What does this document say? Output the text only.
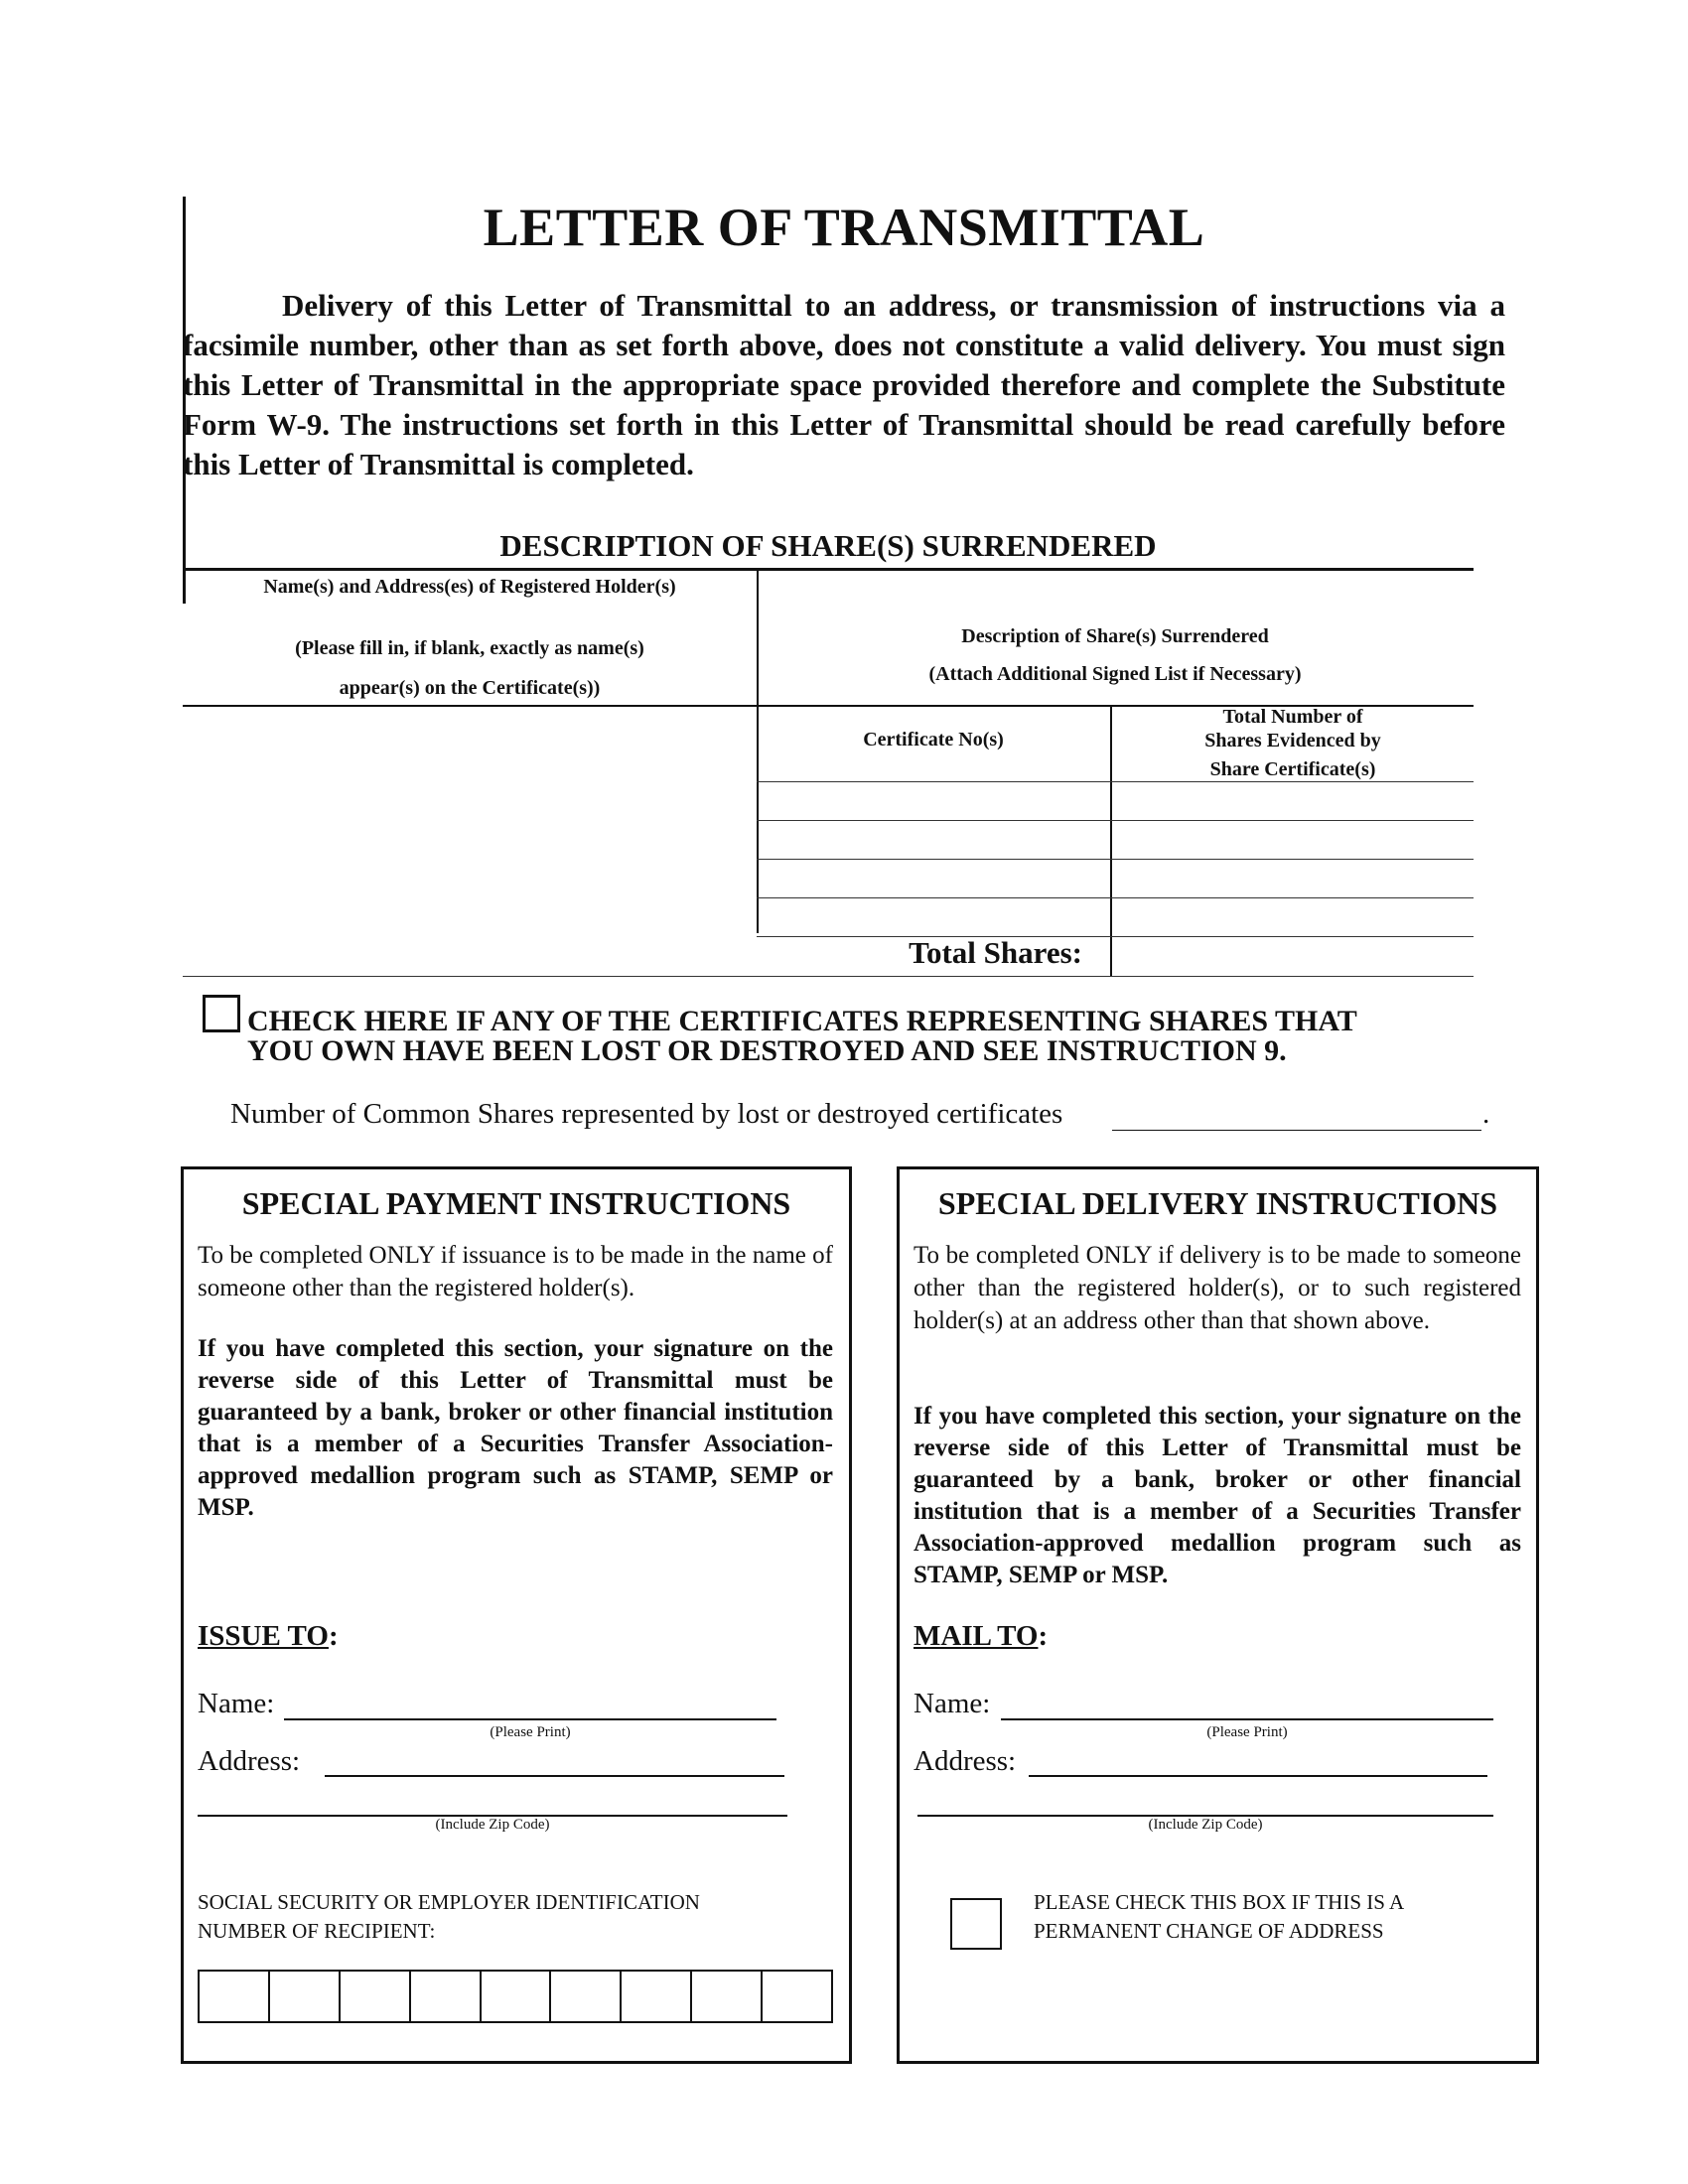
LETTER OF TRANSMITTAL
Delivery of this Letter of Transmittal to an address, or transmission of instructions via a facsimile number, other than as set forth above, does not constitute a valid delivery. You must sign this Letter of Transmittal in the appropriate space provided therefore and complete the Substitute Form W-9. The instructions set forth in this Letter of Transmittal should be read carefully before this Letter of Transmittal is completed.
DESCRIPTION OF SHARE(S) SURRENDERED
Name(s) and Address(es) of Registered Holder(s)
(Please fill in, if blank, exactly as name(s)
appear(s) on the Certificate(s))
Description of Share(s) Surrendered
(Attach Additional Signed List if Necessary)
Certificate No(s)
Total Number of
Shares Evidenced by
Share Certificate(s)
Total Shares:
CHECK HERE IF ANY OF THE CERTIFICATES REPRESENTING SHARES THAT
YOU OWN HAVE BEEN LOST OR DESTROYED AND SEE INSTRUCTION 9.
Number of Common Shares represented by lost or destroyed certificates	.
SPECIAL PAYMENT INSTRUCTIONS
To be completed ONLY if issuance is to be made in the name of someone other than the registered holder(s).
If you have completed this section, your signature on the reverse side of this Letter of Transmittal must be guaranteed by a bank, broker or other financial institution that is a member of a Securities Transfer Association-approved medallion program such as STAMP, SEMP or MSP.
ISSUE TO:
Name:
(Please Print)
Address:
(Include Zip Code)
SOCIAL SECURITY OR EMPLOYER IDENTIFICATION
NUMBER OF RECIPIENT:
SPECIAL DELIVERY INSTRUCTIONS
To be completed ONLY if delivery is to be made to someone other than the registered holder(s), or to such registered holder(s) at an address other than that shown above.
If you have completed this section, your signature on the reverse side of this Letter of Transmittal must be guaranteed by a bank, broker or other financial institution that is a member of a Securities Transfer Association-approved medallion program such as STAMP, SEMP or MSP.
MAIL TO:
Name:
(Please Print)
Address:
(Include Zip Code)
PLEASE CHECK THIS BOX IF THIS IS A
PERMANENT CHANGE OF ADDRESS
